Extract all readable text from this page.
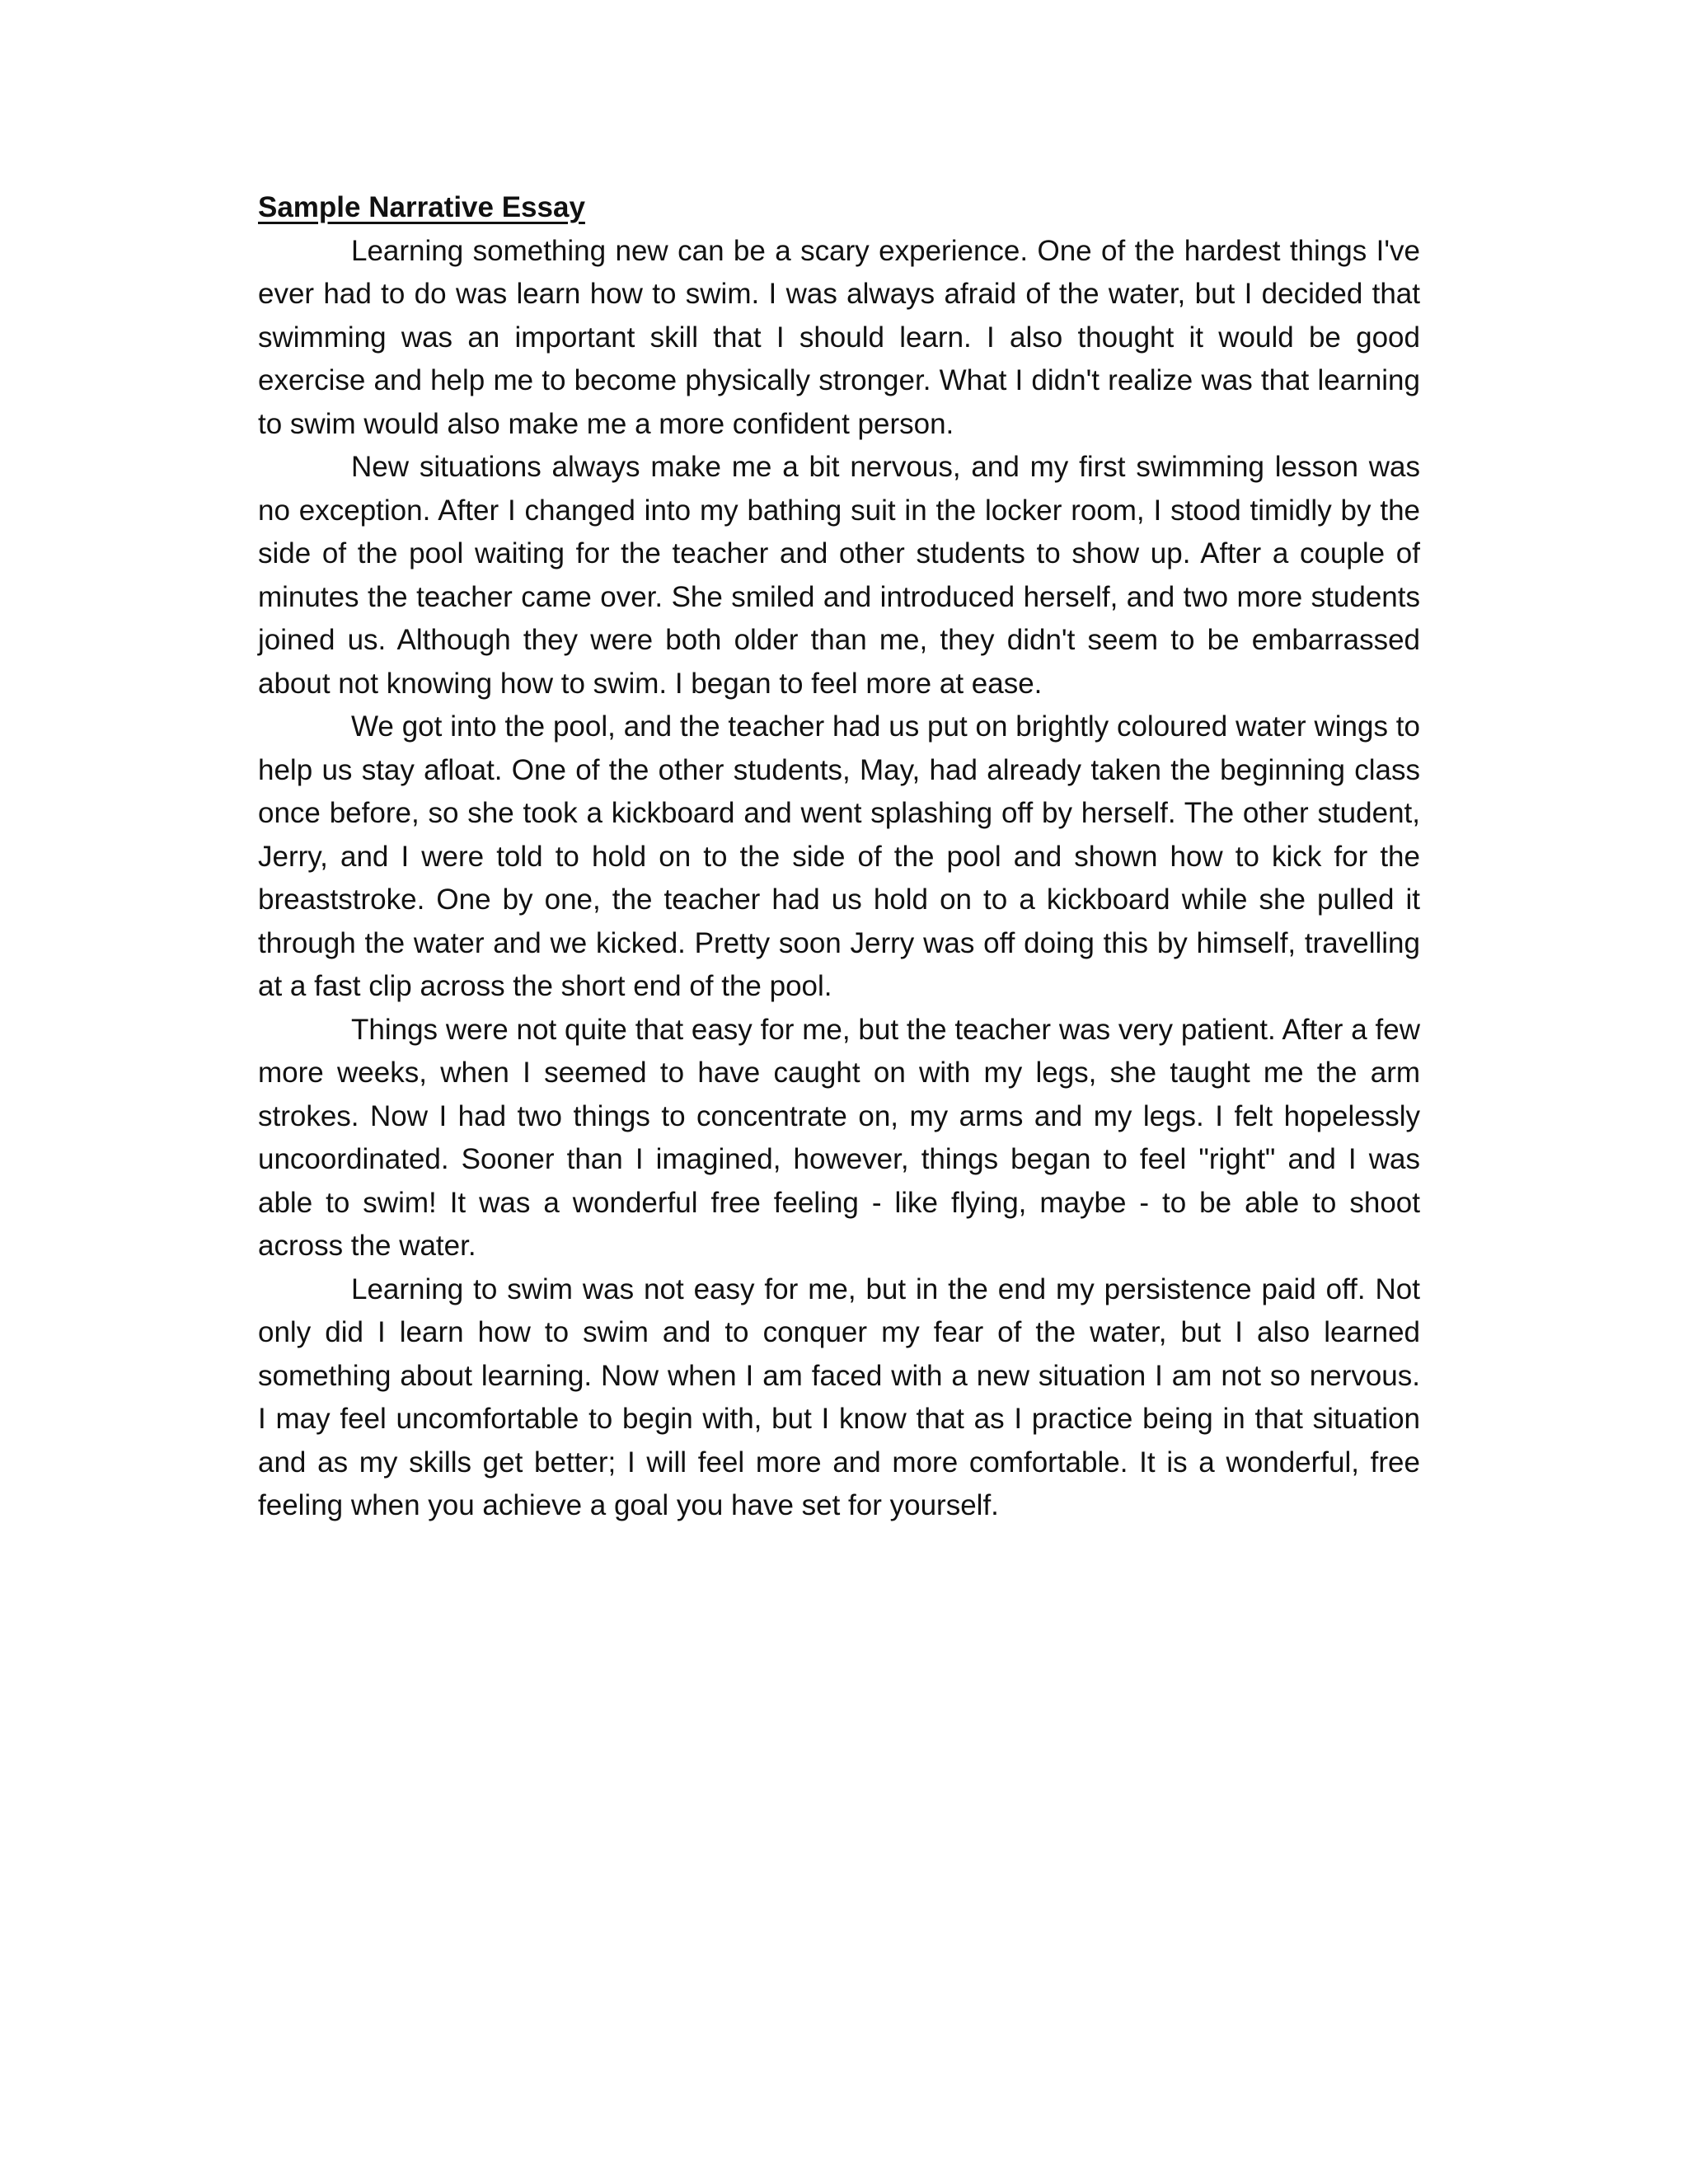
Sample Narrative Essay

Learning something new can be a scary experience. One of the hardest things I've ever had to do was learn how to swim. I was always afraid of the water, but I decided that swimming was an important skill that I should learn. I also thought it would be good exercise and help me to become physically stronger. What I didn't realize was that learning to swim would also make me a more confident person.

New situations always make me a bit nervous, and my first swimming lesson was no exception. After I changed into my bathing suit in the locker room, I stood timidly by the side of the pool waiting for the teacher and other students to show up. After a couple of minutes the teacher came over. She smiled and introduced herself, and two more students joined us. Although they were both older than me, they didn't seem to be embarrassed about not knowing how to swim. I began to feel more at ease.

We got into the pool, and the teacher had us put on brightly coloured water wings to help us stay afloat. One of the other students, May, had already taken the beginning class once before, so she took a kickboard and went splashing off by herself. The other student, Jerry, and I were told to hold on to the side of the pool and shown how to kick for the breaststroke. One by one, the teacher had us hold on to a kickboard while she pulled it through the water and we kicked. Pretty soon Jerry was off doing this by himself, travelling at a fast clip across the short end of the pool.

Things were not quite that easy for me, but the teacher was very patient. After a few more weeks, when I seemed to have caught on with my legs, she taught me the arm strokes. Now I had two things to concentrate on, my arms and my legs. I felt hopelessly uncoordinated. Sooner than I imagined, however, things began to feel "right" and I was able to swim! It was a wonderful free feeling - like flying, maybe - to be able to shoot across the water.

Learning to swim was not easy for me, but in the end my persistence paid off. Not only did I learn how to swim and to conquer my fear of the water, but I also learned something about learning. Now when I am faced with a new situation I am not so nervous. I may feel uncomfortable to begin with, but I know that as I practice being in that situation and as my skills get better; I will feel more and more comfortable. It is a wonderful, free feeling when you achieve a goal you have set for yourself.
